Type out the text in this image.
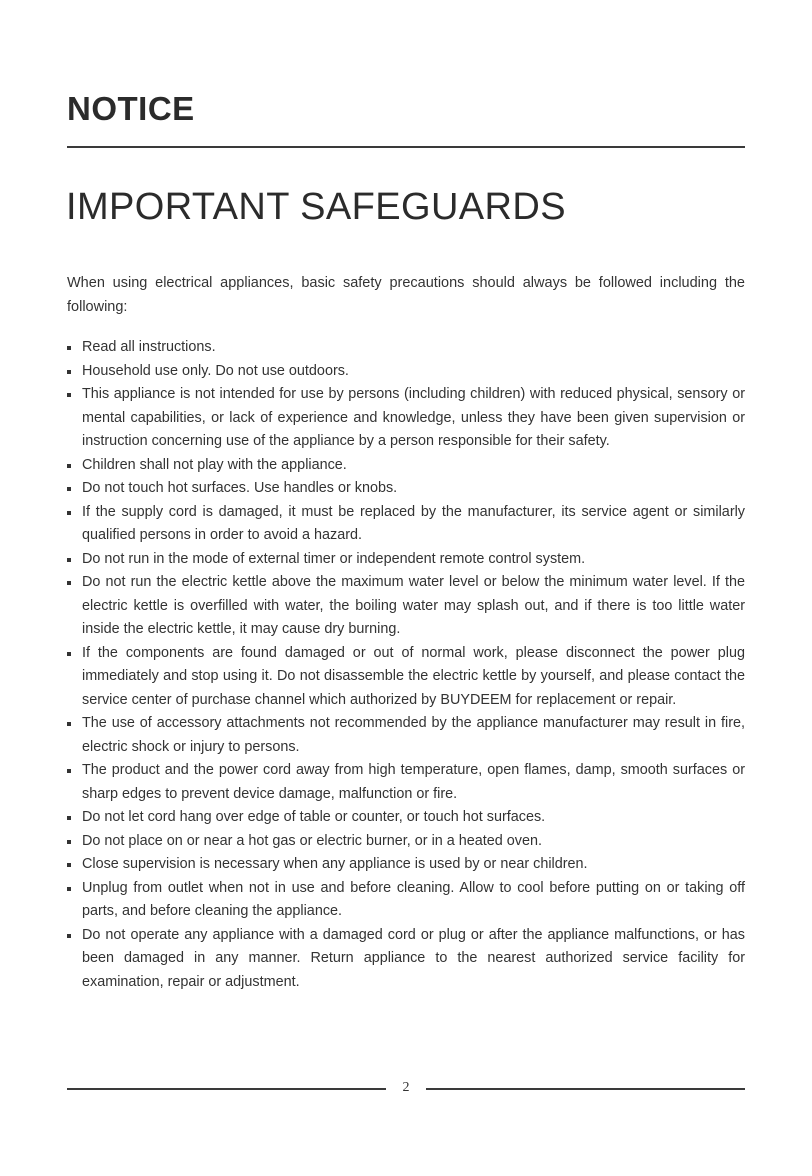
NOTICE
IMPORTANT SAFEGUARDS

When using electrical appliances, basic safety precautions should always be followed including the following:

Read all instructions.
Household use only. Do not use outdoors.
This appliance is not intended for use by persons (including children) with reduced physical, sensory or mental capabilities, or lack of experience and knowledge, unless they have been given supervision or instruction concerning use of the appliance by a person responsible for their safety.
Children shall not play with the appliance.
Do not touch hot surfaces. Use handles or knobs.
If the supply cord is damaged, it must be replaced by the manufacturer, its service agent or similarly qualified persons in order to avoid a hazard.
Do not run in the mode of external timer or independent remote control system.
Do not run the electric kettle above the maximum water level or below the minimum water level. If the electric kettle is overfilled with water, the boiling water may splash out, and if there is too little water inside the electric kettle, it may cause dry burning.
If the components are found damaged or out of normal work, please disconnect the power plug immediately and stop using it. Do not disassemble the electric kettle by yourself, and please contact the service center of purchase channel which authorized by BUYDEEM for replacement or repair.
The use of accessory attachments not recommended by the appliance manufacturer may result in fire, electric shock or injury to persons.
The product and the power cord away from high temperature, open flames, damp, smooth surfaces or sharp edges to prevent device damage, malfunction or fire.
Do not let cord hang over edge of table or counter, or touch hot surfaces.
Do not place on or near a hot gas or electric burner, or in a heated oven.
Close supervision is necessary when any appliance is used by or near children.
Unplug from outlet when not in use and before cleaning. Allow to cool before putting on or taking off parts, and before cleaning the appliance.
Do not operate any appliance with a damaged cord or plug or after the appliance malfunctions, or has been damaged in any manner. Return appliance to the nearest authorized service facility for examination, repair or adjustment.
2
